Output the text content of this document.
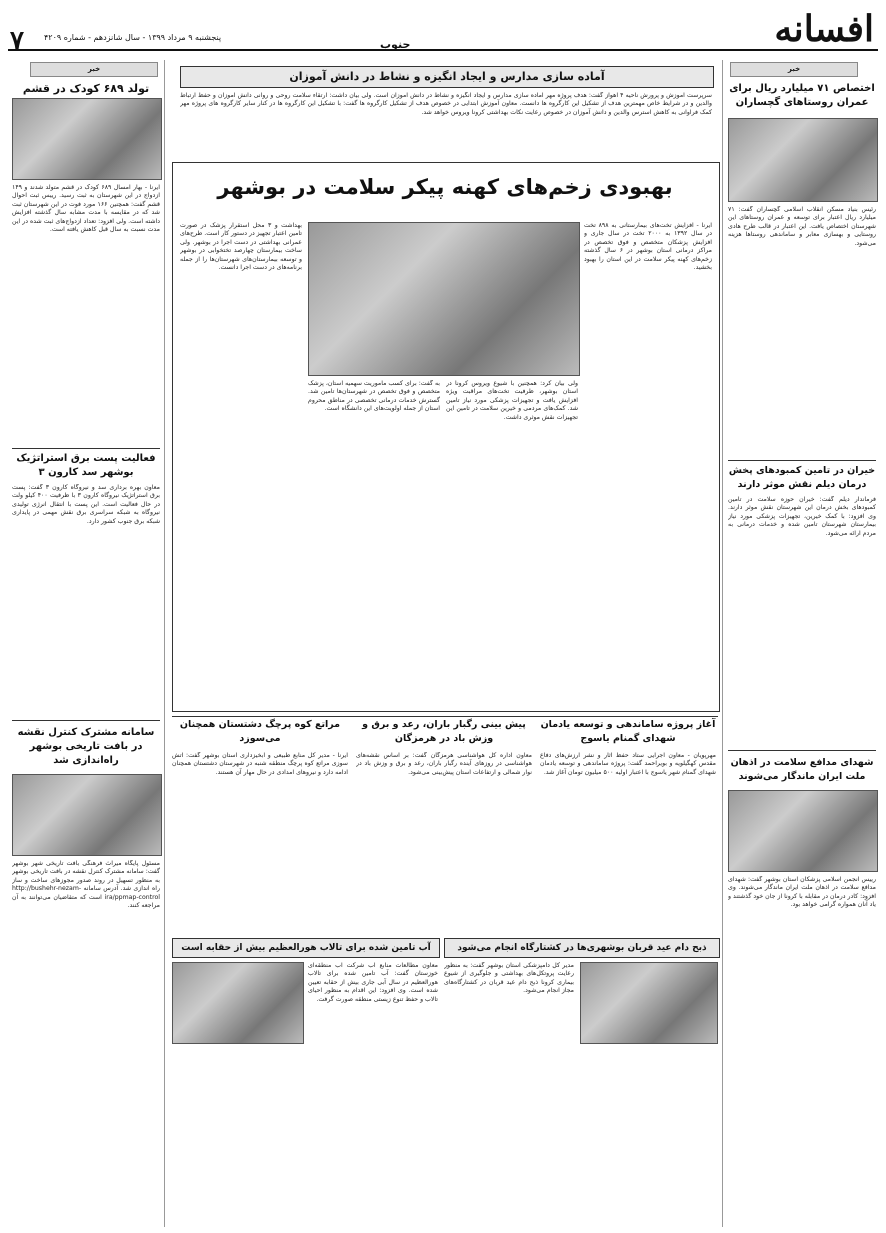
۷	پنجشنبه ۹ مرداد ۱۳۹۹ - سال شانزدهم - شماره ۴۲۰۹
جنوب	افسانه
خبر
تولد ۶۸۹ کودک در قشم
ایرنا - بهار امسال ۶۸۹ کودک در قشم متولد شدند و ۱۴۹ ازدواج در این شهرستان به ثبت رسید. رییس ثبت احوال قشم گفت: همچنین ۱۶۶ مورد فوت در این شهرستان ثبت شد که در مقایسه با مدت مشابه سال گذشته افزایش داشته است. ولی افزود: تعداد ازدواج‌های ثبت شده در این مدت نسبت به سال قبل کاهش یافته است.
فعالیت پست برق استراتژیک بوشهر سد کارون ۳
معاون بهره برداری سد و نیروگاه کارون ۳ گفت: پست برق استراتژیک نیروگاه کارون ۳ با ظرفیت ۴۰۰ کیلو ولت در حال فعالیت است. این پست با انتقال انرژی تولیدی نیروگاه به شبکه سراسری برق نقش مهمی در پایداری شبکه برق جنوب کشور دارد.
سامانه مشترک کنترل نقشه در بافت تاریخی بوشهر راه‌اندازی شد
مسئول پایگاه میراث فرهنگی بافت تاریخی شهر بوشهر گفت: سامانه مشترک کنترل نقشه در بافت تاریخی بوشهر به منظور تسهیل در روند صدور مجوزهای ساخت و ساز راه اندازی شد. آدرس سامانه http://bushehr-nezam-ira/ppmap-control است که متقاضیان می‌توانند به آن مراجعه کنند.
خبر
اختصاص ۷۱ میلیارد ریال برای عمران روستاهای گچساران
رئیس بنیاد مسکن انقلاب اسلامی گچساران گفت: ۷۱ میلیارد ریال اعتبار برای توسعه و عمران روستاهای این شهرستان اختصاص یافت. این اعتبار در قالب طرح هادی روستایی و بهسازی معابر و ساماندهی روستاها هزینه می‌شود.
خیران در تامین کمبودهای پخش درمان دیلم نقش موثر دارند
فرماندار دیلم گفت: خیران حوزه سلامت در تامین کمبودهای بخش درمان این شهرستان نقش موثر دارند. وی افزود: با کمک خیرین، تجهیزات پزشکی مورد نیاز بیمارستان شهرستان تامین شده و خدمات درمانی به مردم ارائه می‌شود.
شهدای مدافع سلامت در اذهان ملت ایران ماندگار می‌شوند
رییس انجمن اسلامی پزشکان استان بوشهر گفت: شهدای مدافع سلامت در اذهان ملت ایران ماندگار می‌شوند. وی افزود: کادر درمان در مقابله با کرونا از جان خود گذشتند و یاد آنان همواره گرامی خواهد بود.
آماده سازی مدارس و ایجاد انگیزه و نشاط در دانش آموزان
سرپرست آموزش و پرورش ناحیه ۴ اهواز گفت: هدف پروژه مهر آماده سازی مدارس و ایجاد انگیزه و نشاط در دانش آموزان است. ولی بیان داشت: ارتقاء سلامت روحی و روانی دانش آموزان و حفظ ارتباط والدین و در شرایط خاص مهمترین هدف از تشکیل این کارگروه ها دانست. معاون آموزش ابتدایی در خصوص هدف از تشکیل کارگروه ها گفت: با تشکیل این کارگروه ها در کنار سایر کارگروه های پروژه مهر کمک فراوانی به کاهش استرس والدین و دانش آموزان در خصوص رعایت نکات بهداشتی کرونا ویروس خواهد شد.
بهبودی زخم‌های کهنه پیکر سلامت در بوشهر
ایرنا - افزایش تخت‌های بیمارستانی به ۸۹۸ تخت در سال ۱۳۹۲ به ۲۰۰۰ تخت در سال جاری و افزایش پزشکان متخصص و فوق تخصص در مراکز درمانی استان بوشهر در ۶ سال گذشته زخم‌های کهنه پیکر سلامت در این استان را بهبود بخشید.
بهداشت و ۳ محل استقرار پزشک در صورت تامین اعتبار تجهیز در دستور کار است. طرح‌های عمرانی بهداشتی در دست اجرا در بوشهر. ولی ساخت بیمارستان چهارصد تختخوابی در بوشهر و توسعه بیمارستان‌های شهرستان‌ها را از جمله برنامه‌های در دست اجرا دانست.
به گفت: برای کسب ماموریت سهمیه استان، پزشک متخصص و فوق تخصص در شهرستان‌ها تامین شد. گسترش خدمات درمانی تخصصی در مناطق محروم استان از جمله اولویت‌های این دانشگاه است.
ولی بیان کرد: همچنین با شیوع ویروس کرونا در استان بوشهر، ظرفیت تخت‌های مراقبت ویژه افزایش یافت و تجهیزات پزشکی مورد نیاز تامین شد. کمک‌های مردمی و خیرین سلامت در تامین این تجهیزات نقش موثری داشت.
آغاز پروژه ساماندهی و توسعه یادمان شهدای گمنام یاسوج
مهرپویان - معاون اجرایی ستاد حفظ آثار و نشر ارزش‌های دفاع مقدس کهگیلویه و بویراحمد گفت: پروژه ساماندهی و توسعه یادمان شهدای گمنام شهر یاسوج با اعتبار اولیه ۵۰۰ میلیون تومان آغاز شد.
پیش بینی رگبار باران، رعد و برق و وزش باد در هرمزگان
معاون اداره کل هواشناسی هرمزگان گفت: بر اساس نقشه‌های هواشناسی در روزهای آینده رگبار باران، رعد و برق و وزش باد در نوار شمالی و ارتفاعات استان پیش‌بینی می‌شود.
مراتع کوه پرچگ دشتستان همچنان می‌سوزد
ایرنا - مدیر کل منابع طبیعی و آبخیزداری استان بوشهر گفت: آتش سوزی مراتع کوه پرچگ منطقه شنبه در شهرستان دشتستان همچنان ادامه دارد و نیروهای امدادی در حال مهار آن هستند.
ذبح دام عید قربان بوشهری‌ها در کشتارگاه انجام می‌شود
مدیر کل دامپزشکی استان بوشهر گفت: به منظور رعایت پروتکل‌های بهداشتی و جلوگیری از شیوع بیماری کرونا ذبح دام عید قربان در کشتارگاه‌های مجاز انجام می‌شود.
آب تامین شده برای تالاب هورالعظیم بیش از حقابه است
معاون مطالعات منابع آب شرکت آب منطقه‌ای خوزستان گفت: آب تامین شده برای تالاب هورالعظیم در سال آبی جاری بیش از حقابه تعیین شده است. وی افزود: این اقدام به منظور احیای تالاب و حفظ تنوع زیستی منطقه صورت گرفت.
